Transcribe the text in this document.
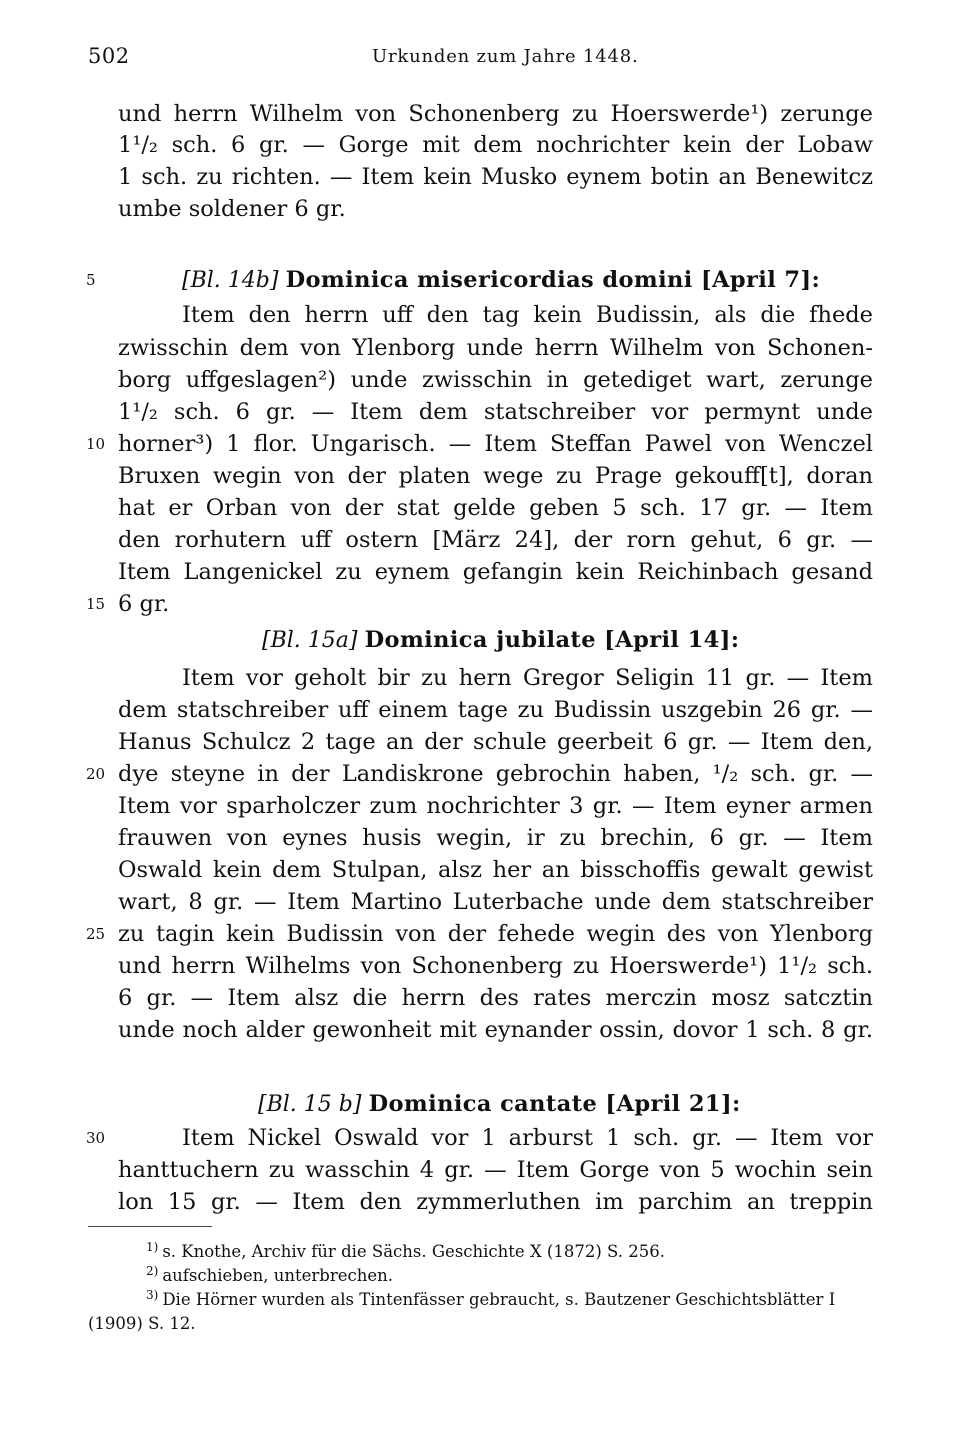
502	Urkunden zum Jahre 1448.
und herrn Wilhelm von Schonenberg zu Hoerswerde¹) zerunge
1¹/₂ sch. 6 gr. — Gorge mit dem nochrichter kein der Lobaw
1 sch. zu richten. — Item kein Musko eynem botin an Benewitcz
umbe soldener 6 gr.
5	[Bl. 14b] Dominica misericordias domini [April 7]:
Item den herrn uff den tag kein Budissin, als die fhede
zwisschin dem von Ylenborg unde herrn Wilhelm von Schonen-
borg uffgeslagen²) unde zwisschin in getediget wart, zerunge
1¹/₂ sch. 6 gr. — Item dem statschreiber vor permynt unde
10 horner³) 1 flor. Ungarisch. — Item Steffan Pawel von Wenczel
Bruxen wegin von der platen wege zu Prage gekouff[t], doran
hat er Orban von der stat gelde geben 5 sch. 17 gr. — Item
den rorhutern uff ostern [März 24], der rorn gehut, 6 gr. —
Item Langenickel zu eynem gefangin kein Reichinbach gesand
15 6 gr.
[Bl. 15a] Dominica jubilate [April 14]:
Item vor geholt bir zu hern Gregor Seligin 11 gr. — Item
dem statschreiber uff einem tage zu Budissin uszgebin 26 gr. —
Hanus Schulcz 2 tage an der schule geerbeit 6 gr. — Item den,
20 dye steyne in der Landiskrone gebrochin haben, ¹/₂ sch. gr. —
Item vor sparholczer zum nochrichter 3 gr. — Item eyner armen
frauwen von eynes husis wegin, ir zu brechin, 6 gr. — Item
Oswald kein dem Stulpan, alsz her an bisschoffis gewalt gewist
wart, 8 gr. — Item Martino Luterbache unde dem statschreiber
25 zu tagin kein Budissin von der fehede wegin des von Ylenborg
und herrn Wilhelms von Schonenberg zu Hoerswerde¹) 1¹/₂ sch.
6 gr. — Item alsz die herrn des rates merczin mosz satcztin
unde noch alder gewonheit mit eynander ossin, dovor 1 sch. 8 gr.
[Bl. 15 b] Dominica cantate [April 21]:
30	Item Nickel Oswald vor 1 arburst 1 sch. gr. — Item vor
hanttuchern zu wasschin 4 gr. — Item Gorge von 5 wochin sein
lon 15 gr. — Item den zymmerluthen im parchim an treppin
$^{1)}$ s. Knothe, Archiv für die Sächs. Geschichte X (1872) S. 256.
$^{2)}$ aufschieben, unterbrechen.
$^{3)}$ Die Hörner wurden als Tintenfässer gebraucht, s. Bautzener Geschichtsblätter I
(1909) S. 12.
